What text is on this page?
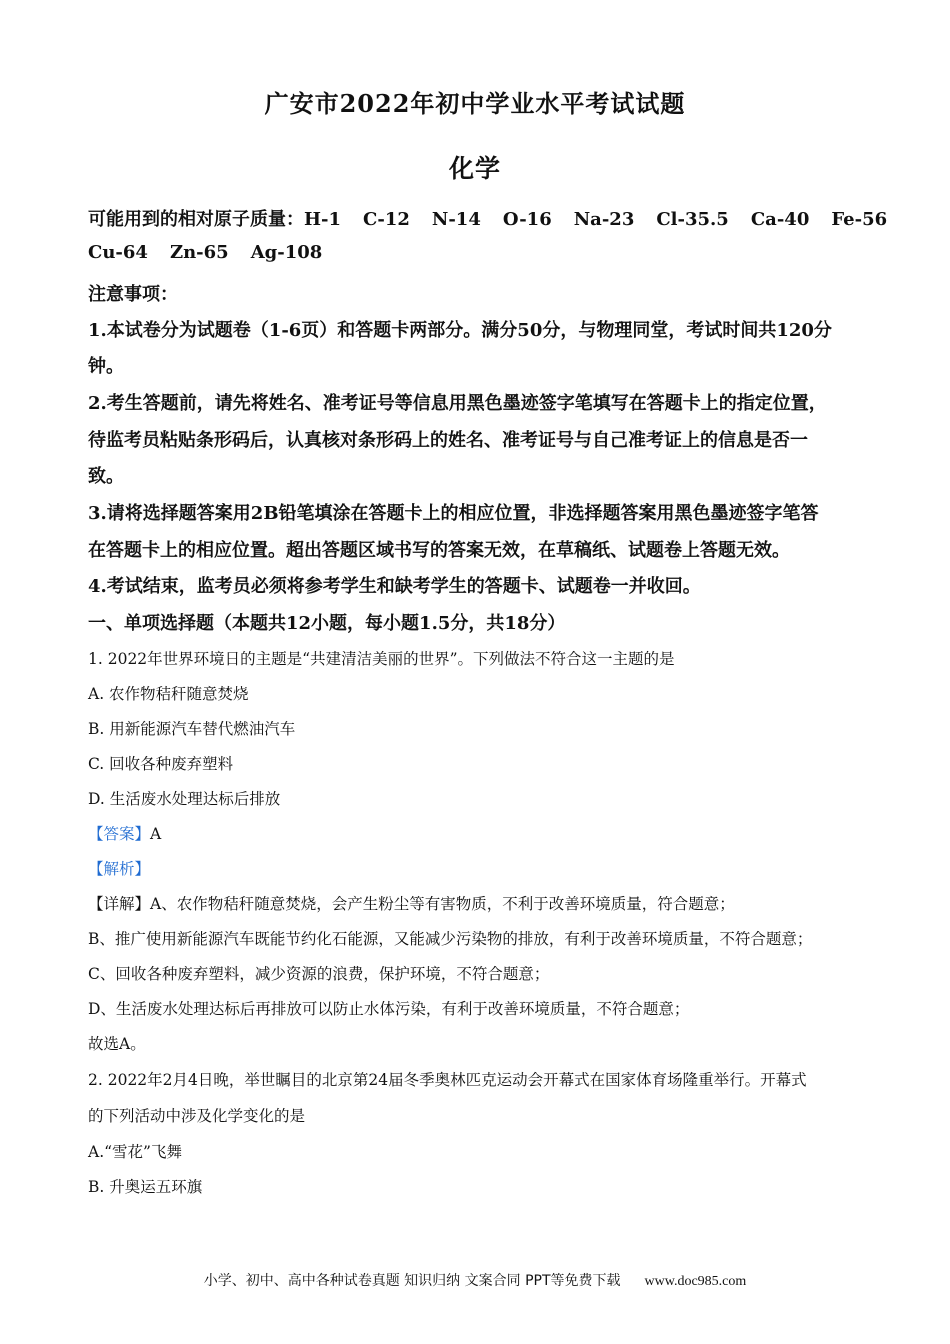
广安市2022年初中学业水平考试试题
化学
可能用到的相对原子质量：H-1 C-12 N-14 O-16 Na-23 Cl-35.5 Ca-40 Fe-56
Cu-64 Zn-65 Ag-108
注意事项：
1.本试卷分为试题卷（1-6页）和答题卡两部分。满分50分，与物理同堂，考试时间共120分
钟。
2.考生答题前，请先将姓名、准考证号等信息用黑色墨迹签字笔填写在答题卡上的指定位置，
待监考员粘贴条形码后，认真核对条形码上的姓名、准考证号与自己准考证上的信息是否一
致。
3.请将选择题答案用2B铅笔填涂在答题卡上的相应位置，非选择题答案用黑色墨迹签字笔答
在答题卡上的相应位置。超出答题区域书写的答案无效，在草稿纸、试题卷上答题无效。
4.考试结束，监考员必须将参考学生和缺考学生的答题卡、试题卷一并收回。
一、单项选择题（本题共12小题，每小题1.5分，共18分）
1. 2022年世界环境日的主题是“共建清洁美丽的世界”。下列做法不符合这一主题的是
A. 农作物秸秆随意焚烧
B. 用新能源汽车替代燃油汽车
C. 回收各种废弃塑料
D. 生活废水处理达标后排放
【答案】A
【解析】
【详解】A、农作物秸秆随意焚烧，会产生粉尘等有害物质，不利于改善环境质量，符合题意；
B、推广使用新能源汽车既能节约化石能源，又能减少污染物的排放，有利于改善环境质量，不符合题意；
C、回收各种废弃塑料，减少资源的浪费，保护环境，不符合题意；
D、生活废水处理达标后再排放可以防止水体污染，有利于改善环境质量，不符合题意；
故选A。
2. 2022年2月4日晚，举世瞩目的北京第24届冬季奥林匹克运动会开幕式在国家体育场隆重举行。开幕式
的下列活动中涉及化学变化的是
A.“雪花”飞舞
B. 升奥运五环旗
小学、初中、高中各种试卷真题 知识归纳 文案合同 PPT等免费下载 www.doc985.com
